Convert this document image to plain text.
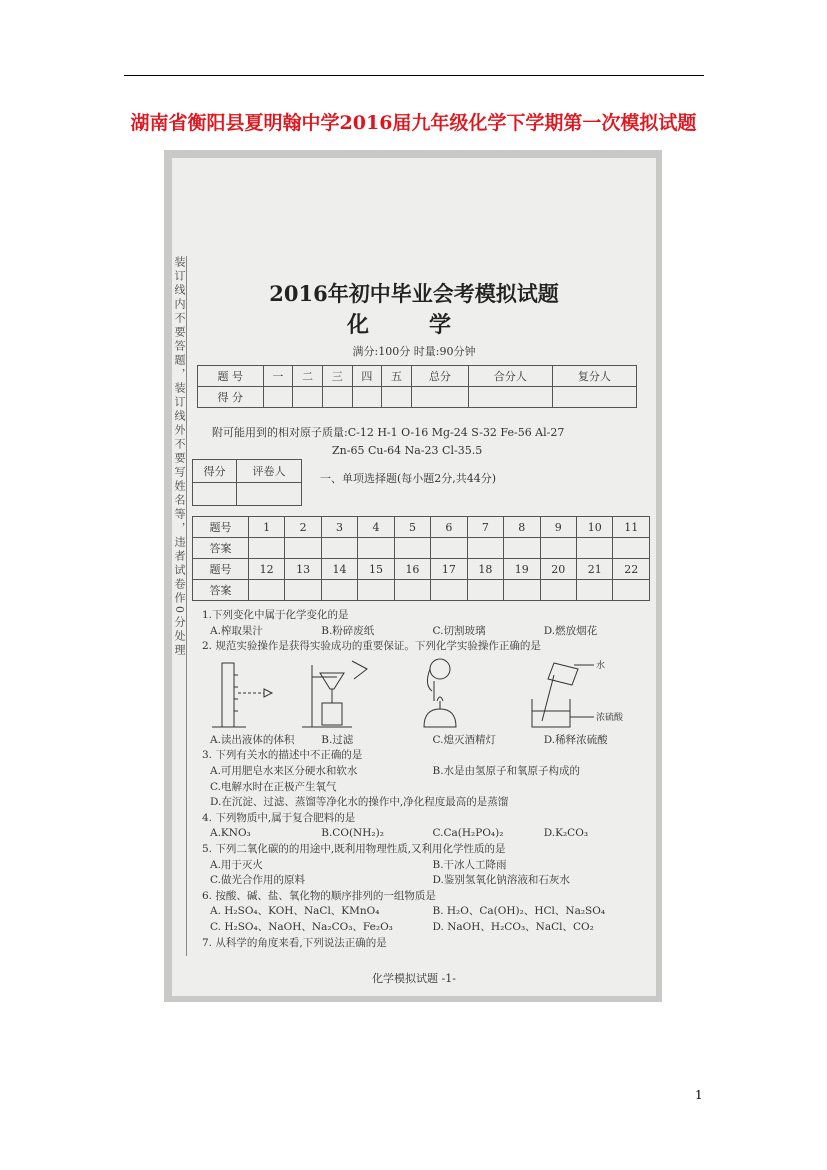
湖南省衡阳县夏明翰中学2016届九年级化学下学期第一次模拟试题
装订线内不要答题，装订线外不要写姓名等，违者试卷作0分处理	2016年初中毕业会考模拟试题
化学
满分:100分 时量:90分钟
题 号	一	二	三	四	五	总分	合分人	复分人
得 分								
附可能用到的相对原子质量:C-12 H-1 O-16 Mg-24 S-32 Fe-56 Al-27
Zn-65 Cu-64 Na-23 Cl-35.5
得分	评卷人

一、单项选择题(每小题2分,共44分)
题号	1	2	3	4	5	6	7	8	9	10	11
答案											
题号	12	13	14	15	16	17	18	19	20	21	22
答案											
1.下列变化中属于化学变化的是
A.榨取果汁	B.粉碎废纸	C.切割玻璃	D.燃放烟花
2. 规范实验操作是获得实验成功的重要保证。下列化学实验操作正确的是
水
浓硫酸
A.读出液体的体积	B.过滤	C.熄灭酒精灯	D.稀释浓硫酸
3. 下列有关水的描述中不正确的是
A.可用肥皂水来区分硬水和软水	B.水是由氢原子和氧原子构成的
C.电解水时在正极产生氧气
D.在沉淀、过滤、蒸馏等净化水的操作中,净化程度最高的是蒸馏
4. 下列物质中,属于复合肥料的是
A.KNO₃	B.CO(NH₂)₂	C.Ca(H₂PO₄)₂	D.K₂CO₃
5. 下列二氧化碳的的用途中,既利用物理性质,又利用化学性质的是
A.用于灭火	B.干冰人工降雨
C.做光合作用的原料	D.鉴别氢氧化钠溶液和石灰水
6. 按酸、碱、盐、氧化物的顺序排列的一组物质是
A. H₂SO₄、KOH、NaCl、KMnO₄	B. H₂O、Ca(OH)₂、HCl、Na₂SO₄
C. H₂SO₄、NaOH、Na₂CO₃、Fe₂O₃	D. NaOH、H₂CO₃、NaCl、CO₂
7. 从科学的角度来看,下列说法正确的是
化学模拟试题 -1-
1
